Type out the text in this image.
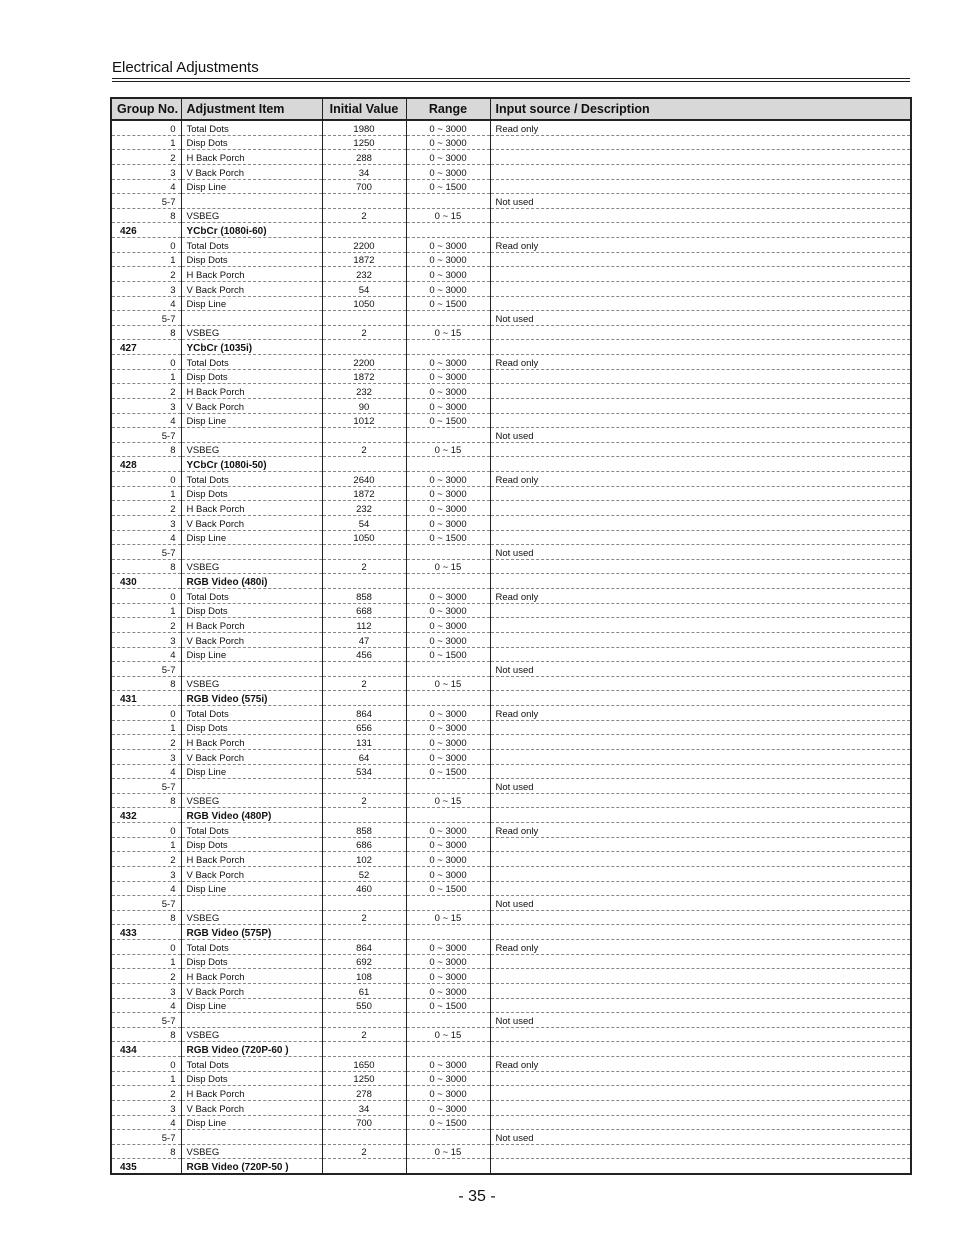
Electrical Adjustments
Group No.	Adjustment Item	Initial Value	Range	Input source / Description
0	Total Dots	1980	0 ~ 3000	Read only
1	Disp Dots	1250	0 ~ 3000	
2	H Back Porch	288	0 ~ 3000	
3	V Back Porch	34	0 ~ 3000	
4	Disp Line	700	0 ~ 1500	
5-7				Not used
8	VSBEG	2	0 ~ 15	
426	YCbCr (1080i-60)			
0	Total Dots	2200	0 ~ 3000	Read only
1	Disp Dots	1872	0 ~ 3000	
2	H Back Porch	232	0 ~ 3000	
3	V Back Porch	54	0 ~ 3000	
4	Disp Line	1050	0 ~ 1500	
5-7				Not used
8	VSBEG	2	0 ~ 15	
427	YCbCr (1035i)			
0	Total Dots	2200	0 ~ 3000	Read only
1	Disp Dots	1872	0 ~ 3000	
2	H Back Porch	232	0 ~ 3000	
3	V Back Porch	90	0 ~ 3000	
4	Disp Line	1012	0 ~ 1500	
5-7				Not used
8	VSBEG	2	0 ~ 15	
428	YCbCr (1080i-50)			
0	Total Dots	2640	0 ~ 3000	Read only
1	Disp Dots	1872	0 ~ 3000	
2	H Back Porch	232	0 ~ 3000	
3	V Back Porch	54	0 ~ 3000	
4	Disp Line	1050	0 ~ 1500	
5-7				Not used
8	VSBEG	2	0 ~ 15	
430	RGB Video (480i)			
0	Total Dots	858	0 ~ 3000	Read only
1	Disp Dots	668	0 ~ 3000	
2	H Back Porch	112	0 ~ 3000	
3	V Back Porch	47	0 ~ 3000	
4	Disp Line	456	0 ~ 1500	
5-7				Not used
8	VSBEG	2	0 ~ 15	
431	RGB Video (575i)			
0	Total Dots	864	0 ~ 3000	Read only
1	Disp Dots	656	0 ~ 3000	
2	H Back Porch	131	0 ~ 3000	
3	V Back Porch	64	0 ~ 3000	
4	Disp Line	534	0 ~ 1500	
5-7				Not used
8	VSBEG	2	0 ~ 15	
432	RGB Video (480P)			
0	Total Dots	858	0 ~ 3000	Read only
1	Disp Dots	686	0 ~ 3000	
2	H Back Porch	102	0 ~ 3000	
3	V Back Porch	52	0 ~ 3000	
4	Disp Line	460	0 ~ 1500	
5-7				Not used
8	VSBEG	2	0 ~ 15	
433	RGB Video (575P)			
0	Total Dots	864	0 ~ 3000	Read only
1	Disp Dots	692	0 ~ 3000	
2	H Back Porch	108	0 ~ 3000	
3	V Back Porch	61	0 ~ 3000	
4	Disp Line	550	0 ~ 1500	
5-7				Not used
8	VSBEG	2	0 ~ 15	
434	RGB Video (720P-60 )			
0	Total Dots	1650	0 ~ 3000	Read only
1	Disp Dots	1250	0 ~ 3000	
2	H Back Porch	278	0 ~ 3000	
3	V Back Porch	34	0 ~ 3000	
4	Disp Line	700	0 ~ 1500	
5-7				Not used
8	VSBEG	2	0 ~ 15	
435	RGB Video (720P-50 )			
- 35 -
